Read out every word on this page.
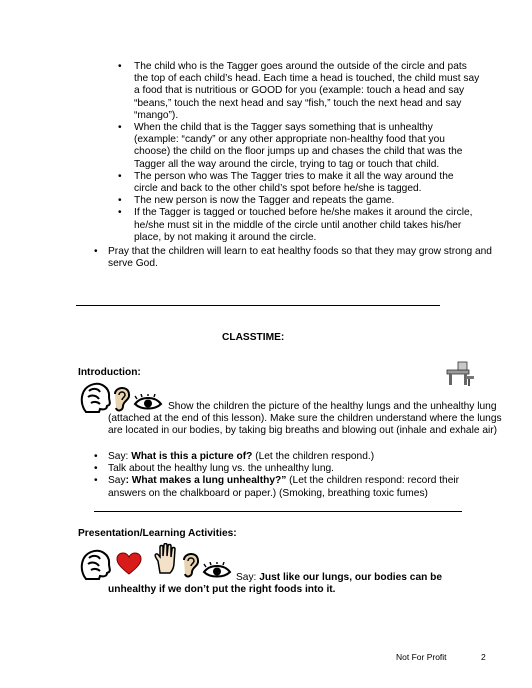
• The child who is the Tagger goes around the outside of the circle and pats the top of each child’s head. Each time a head is touched, the child must say a food that is nutritious or GOOD for you (example: touch a head and say “beans,” touch the next head and say “fish,” touch the next head and say “mango”).
• When the child that is the Tagger says something that is unhealthy (example: “candy” or any other appropriate non-healthy food that you choose) the child on the floor jumps up and chases the child that was the Tagger all the way around the circle, trying to tag or touch that child.
• The person who was The Tagger tries to make it all the way around the circle and back to the other child’s spot before he/she is tagged.
• The new person is now the Tagger and repeats the game.
• If the Tagger is tagged or touched before he/she makes it around the circle, he/she must sit in the middle of the circle until another child takes his/her place, by not making it around the circle.
• Pray that the children will learn to eat healthy foods so that they may grow strong and serve God.
CLASSTIME:
Introduction:
Show the children the picture of the healthy lungs and the unhealthy lung (attached at the end of this lesson). Make sure the children understand where the lungs are located in our bodies, by taking big breaths and blowing out (inhale and exhale air)
• Say: What is this a picture of? (Let the children respond.)
• Talk about the healthy lung vs. the unhealthy lung.
• Say: What makes a lung unhealthy?” (Let the children respond: record their answers on the chalkboard or paper.) (Smoking, breathing toxic fumes)
Presentation/Learning Activities:
Say: Just like our lungs, our bodies can be
unhealthy if we don’t put the right foods into it.
Not For Profit	2
